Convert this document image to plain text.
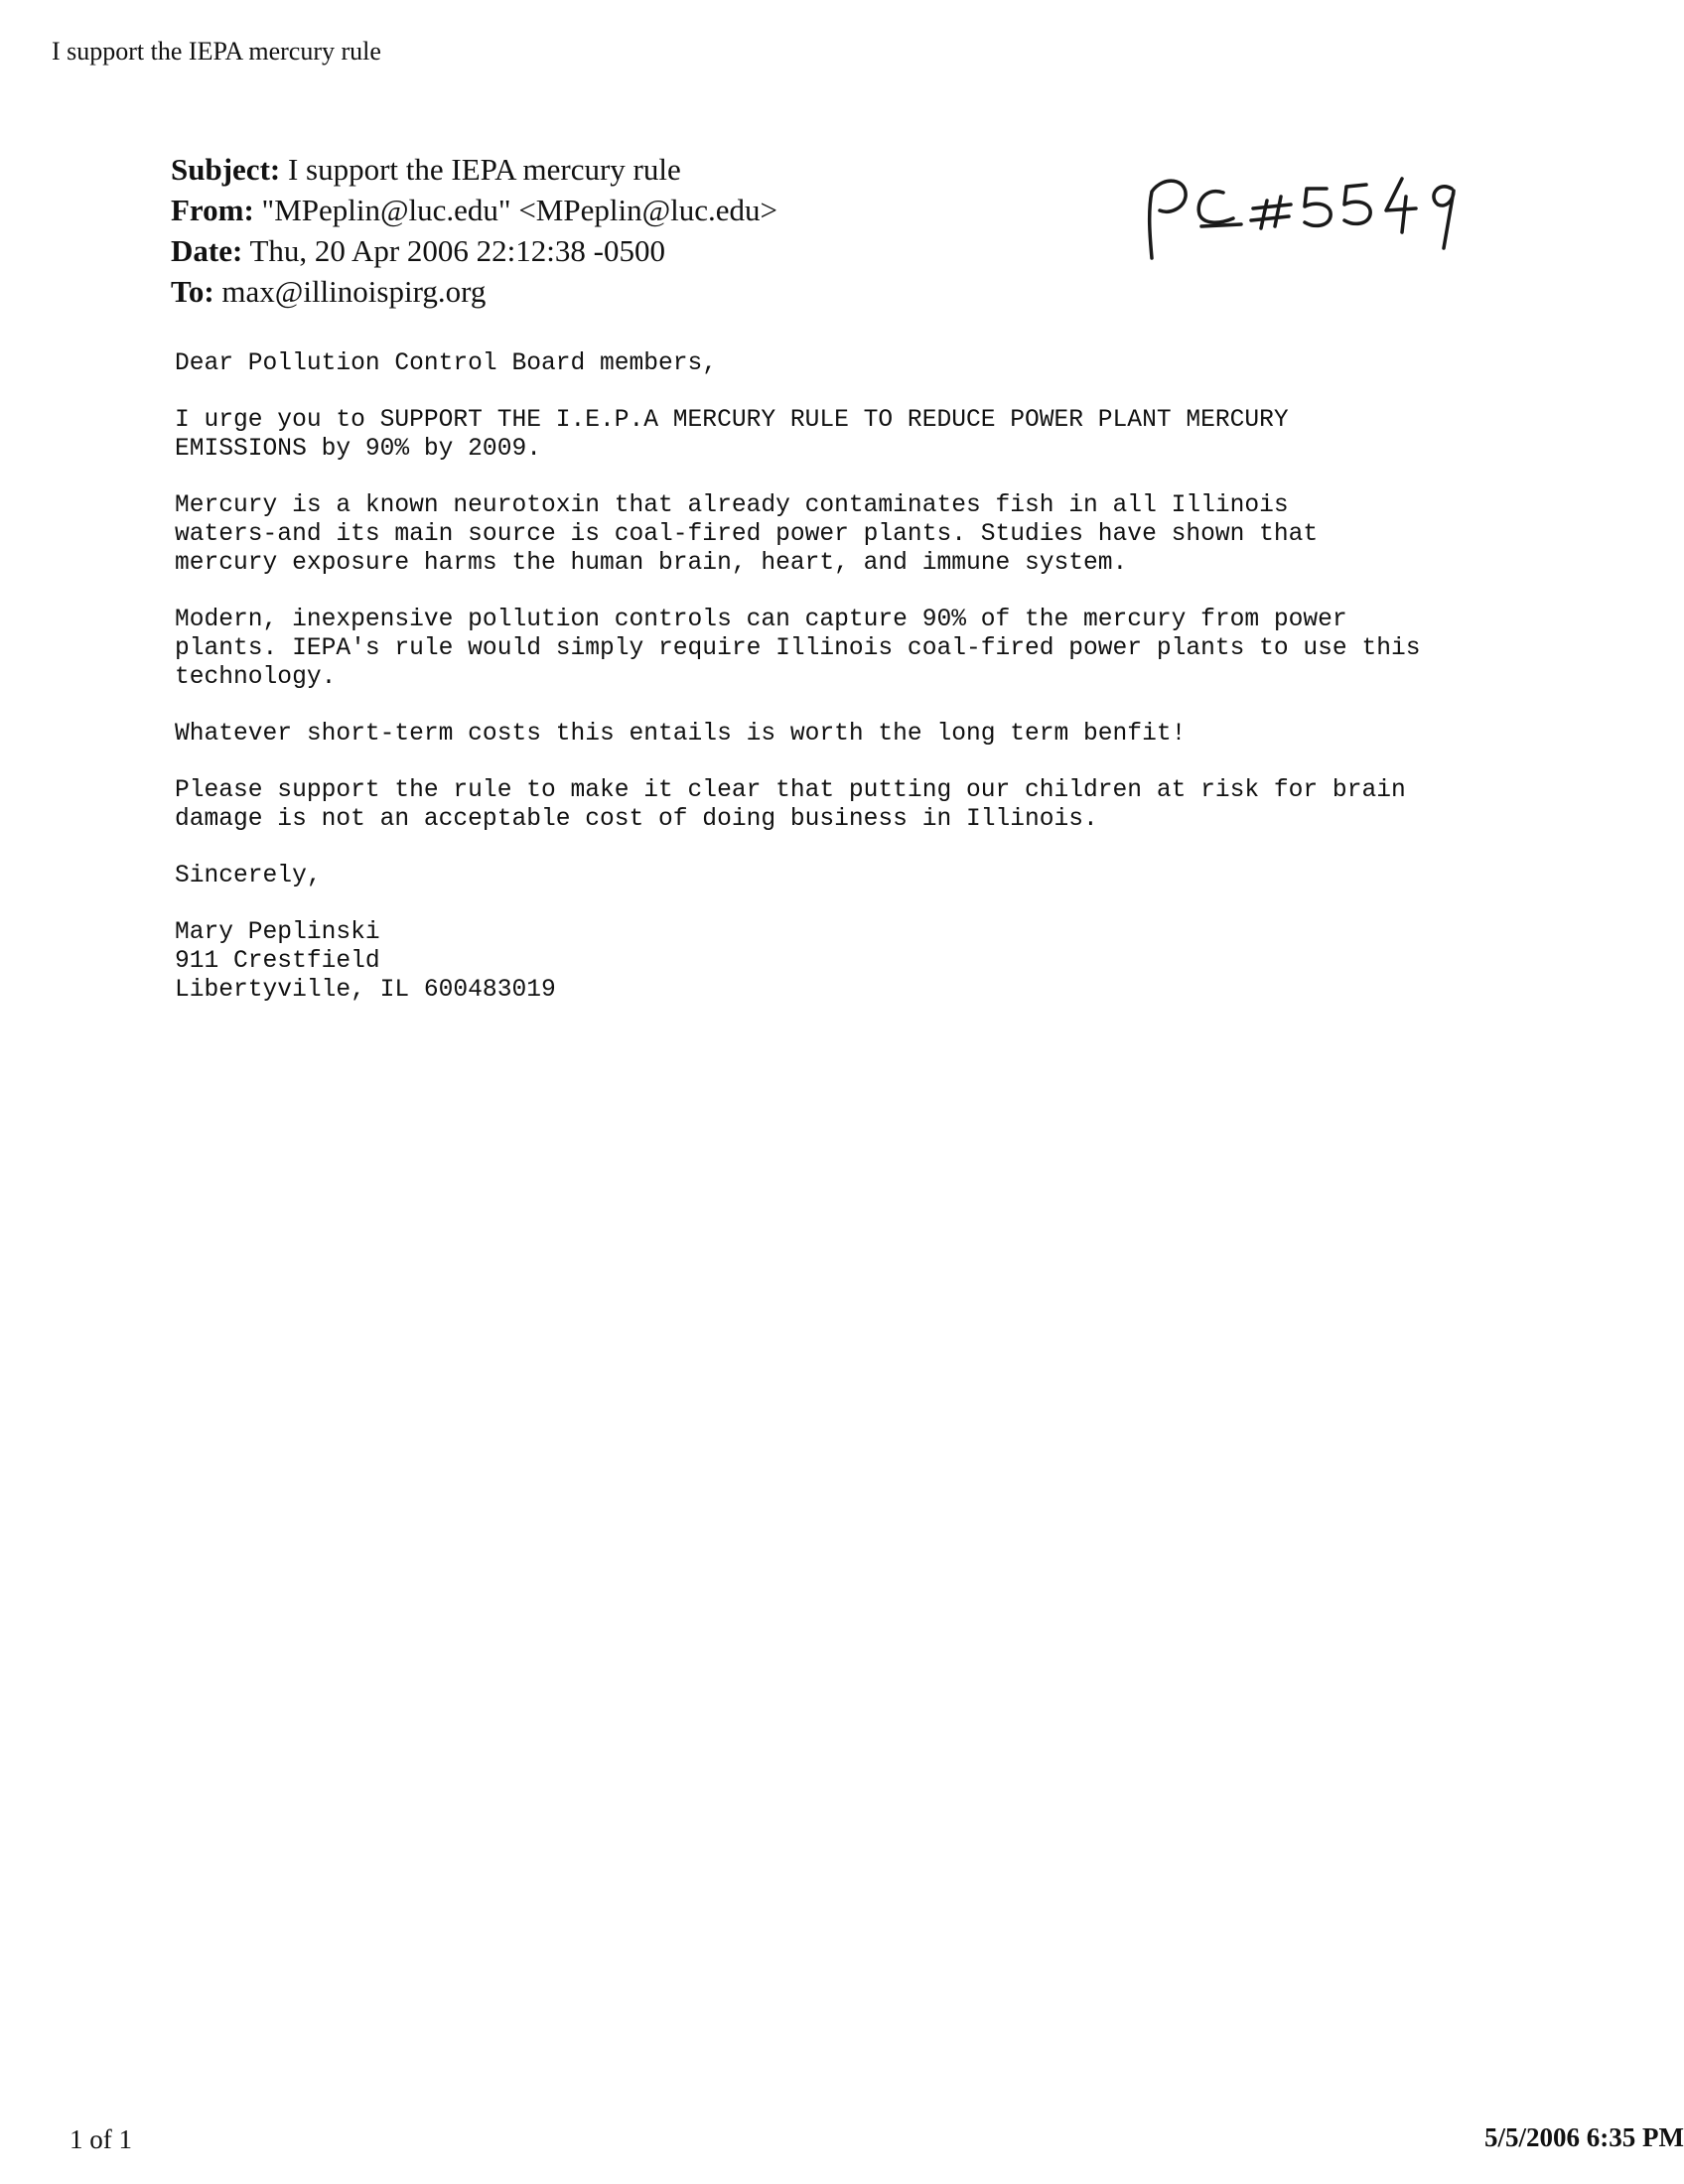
I support the IEPA mercury rule
Subject: I support the IEPA mercury rule
From: "MPeplin@luc.edu" <MPeplin@luc.edu>
Date: Thu, 20 Apr 2006 22:12:38 -0500
To: max@illinoispirg.org

Dear Pollution Control Board members,

I urge you to SUPPORT THE I.E.P.A MERCURY RULE TO REDUCE POWER PLANT MERCURY
EMISSIONS by 90% by 2009.

Mercury is a known neurotoxin that already contaminates fish in all Illinois
waters-and its main source is coal-fired power plants. Studies have shown that
mercury exposure harms the human brain, heart, and immune system.

Modern, inexpensive pollution controls can capture 90% of the mercury from power
plants. IEPA's rule would simply require Illinois coal-fired power plants to use this
technology.

Whatever short-term costs this entails is worth the long term benfit!

Please support the rule to make it clear that putting our children at risk for brain
damage is not an acceptable cost of doing business in Illinois.

Sincerely,

Mary Peplinski
911 Crestfield
Libertyville, IL 600483019
1 of 1	5/5/2006 6:35 PM
